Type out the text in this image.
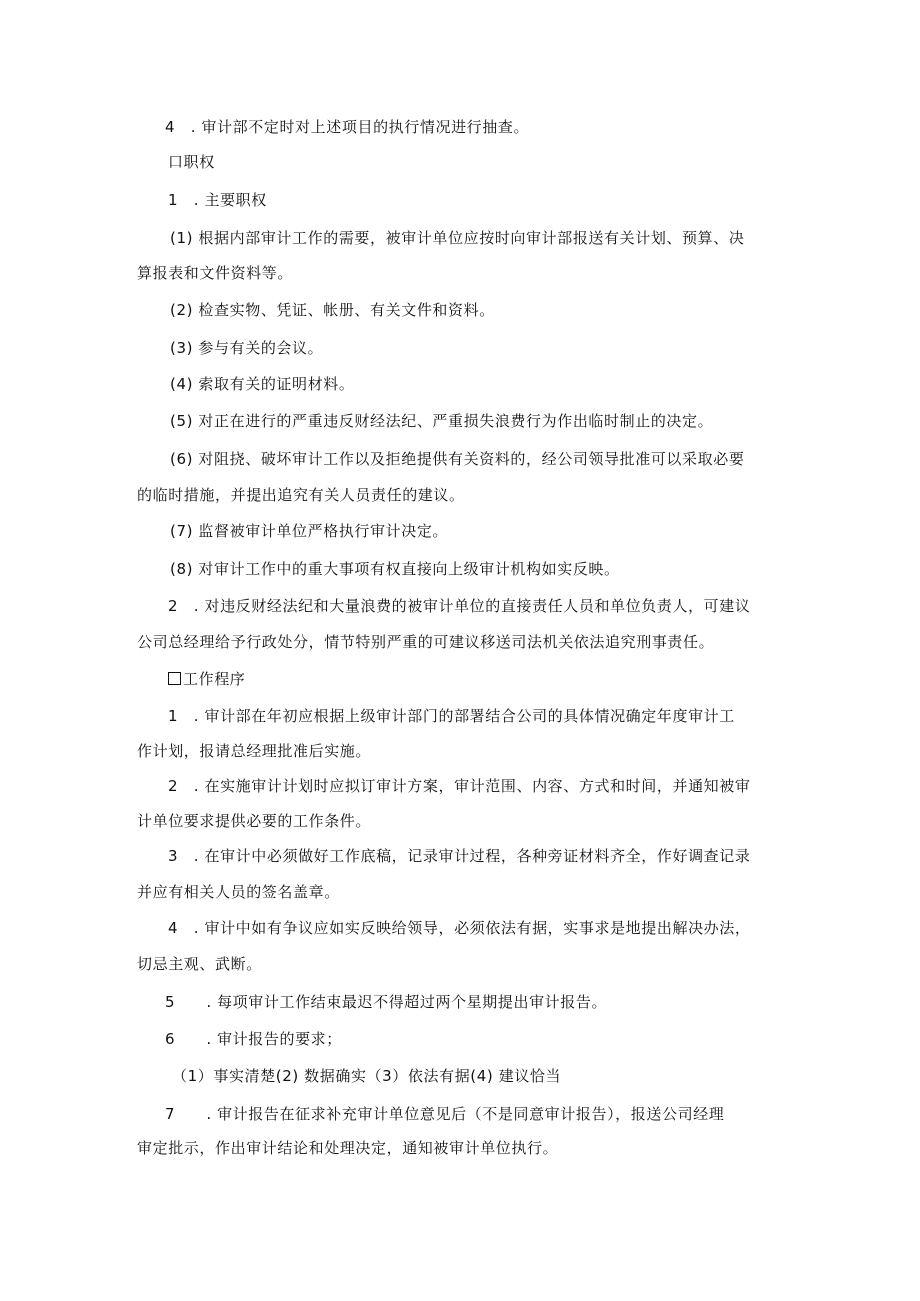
4　. 审计部不定时对上述项目的执行情况进行抽查。
口职权
1　. 主要职权
(1) 根据内部审计工作的需要，被审计单位应按时向审计部报送有关计划、预算、决
算报表和文件资料等。
(2) 检查实物、凭证、帐册、有关文件和资料。
(3) 参与有关的会议。
(4) 索取有关的证明材料。
(5) 对正在进行的严重违反财经法纪、严重损失浪费行为作出临时制止的决定。
(6) 对阻挠、破坏审计工作以及拒绝提供有关资料的，经公司领导批准可以采取必要
的临时措施，并提出追究有关人员责任的建议。
(7) 监督被审计单位严格执行审计决定。
(8) 对审计工作中的重大事项有权直接向上级审计机构如实反映。
2　. 对违反财经法纪和大量浪费的被审计单位的直接责任人员和单位负责人，可建议
公司总经理给予行政处分，情节特别严重的可建议移送司法机关依法追究刑事责任。
工作程序
1　. 审计部在年初应根据上级审计部门的部署结合公司的具体情况确定年度审计工
作计划，报请总经理批准后实施。
2　. 在实施审计计划时应拟订审计方案，审计范围、内容、方式和时间，并通知被审
计单位要求提供必要的工作条件。
3　. 在审计中必须做好工作底稿，记录审计过程，各种旁证材料齐全，作好调查记录
并应有相关人员的签名盖章。
4　. 审计中如有争议应如实反映给领导，必须依法有据，实事求是地提出解决办法，
切忌主观、武断。
5　　. 每项审计工作结束最迟不得超过两个星期提出审计报告。
6　　. 审计报告的要求；
（1）事实清楚(2) 数据确实（3）依法有据(4) 建议恰当
7　　. 审计报告在征求补充审计单位意见后（不是同意审计报告），报送公司经理
审定批示，作出审计结论和处理决定，通知被审计单位执行。
